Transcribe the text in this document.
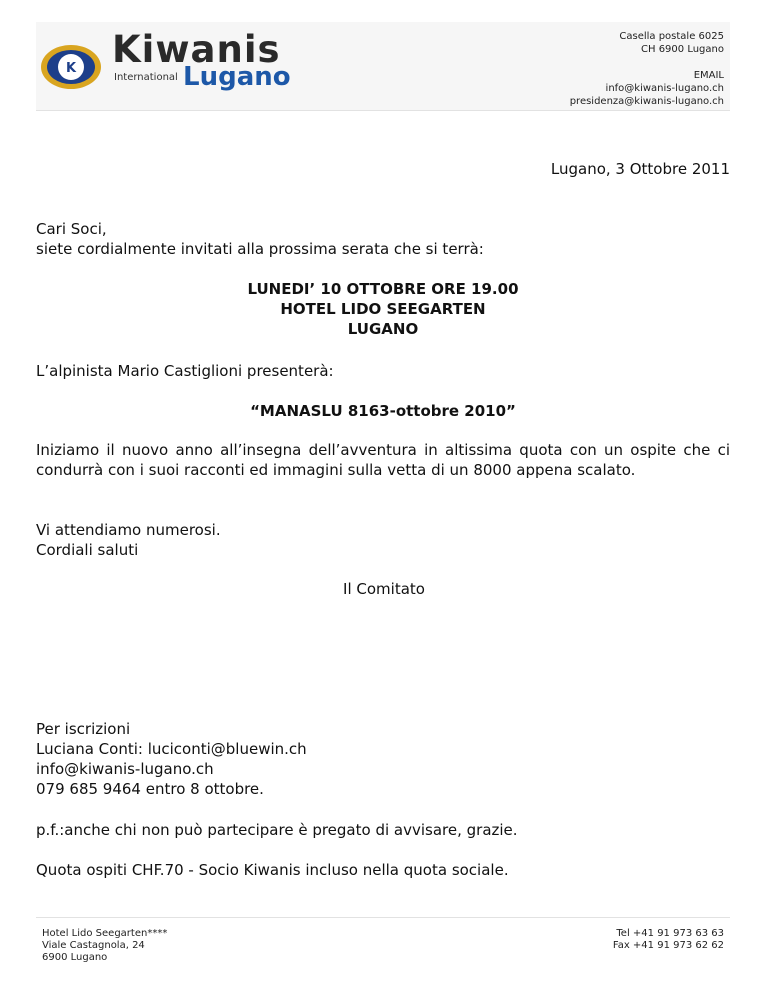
K Kiwanis
International Lugano
Casella postale 6025
CH 6900 Lugano
EMAIL
info@kiwanis-lugano.ch
presidenza@kiwanis-lugano.ch
Lugano, 3 Ottobre 2011
Cari Soci,
siete cordialmente invitati alla prossima serata che si terrà:
LUNEDI’ 10 OTTOBRE ORE 19.00
HOTEL LIDO SEEGARTEN
LUGANO
L’alpinista Mario Castiglioni presenterà:
“MANASLU 8163-ottobre 2010”
Iniziamo il nuovo anno all’insegna dell’avventura in altissima quota con un ospite che ci condurrà con i suoi racconti ed immagini sulla vetta di un 8000 appena scalato.
Vi attendiamo numerosi.
Cordiali saluti
Il Comitato
Per iscrizioni
Luciana Conti: luciconti@bluewin.ch
info@kiwanis-lugano.ch
079 685 9464 entro 8 ottobre.
p.f.:anche chi non può partecipare è pregato di avvisare, grazie.
Quota ospiti CHF.70 - Socio Kiwanis incluso nella quota sociale.
Hotel Lido Seegarten****
Viale Castagnola, 24
6900 Lugano
Tel +41 91 973 63 63
Fax +41 91 973 62 62
